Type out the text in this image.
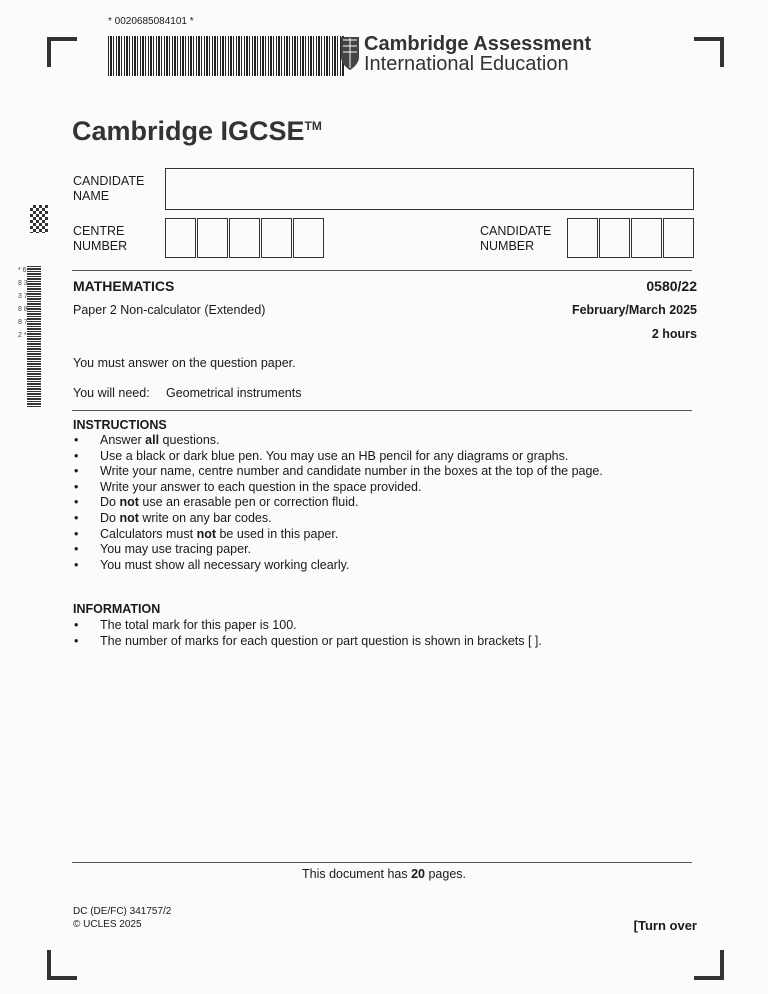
* 0020685084101 *
Cambridge Assessment
International Education
Cambridge IGCSE™
CANDIDATE
NAME
CENTRE
NUMBER
CANDIDATE
NUMBER
* 6 8 3 3 7 8 8 8 7 2 *
MATHEMATICS	0580/22
Paper 2 Non-calculator (Extended)	February/March 2025
2 hours
You must answer on the question paper.
You will need: Geometrical instruments
INSTRUCTIONS
• Answer all questions.
• Use a black or dark blue pen. You may use an HB pencil for any diagrams or graphs.
• Write your name, centre number and candidate number in the boxes at the top of the page.
• Write your answer to each question in the space provided.
• Do not use an erasable pen or correction fluid.
• Do not write on any bar codes.
• Calculators must not be used in this paper.
• You may use tracing paper.
• You must show all necessary working clearly.
INFORMATION
• The total mark for this paper is 100.
• The number of marks for each question or part question is shown in brackets [ ].
This document has 20 pages.
DC (DE/FC) 341757/2
© UCLES 2025	[Turn over
